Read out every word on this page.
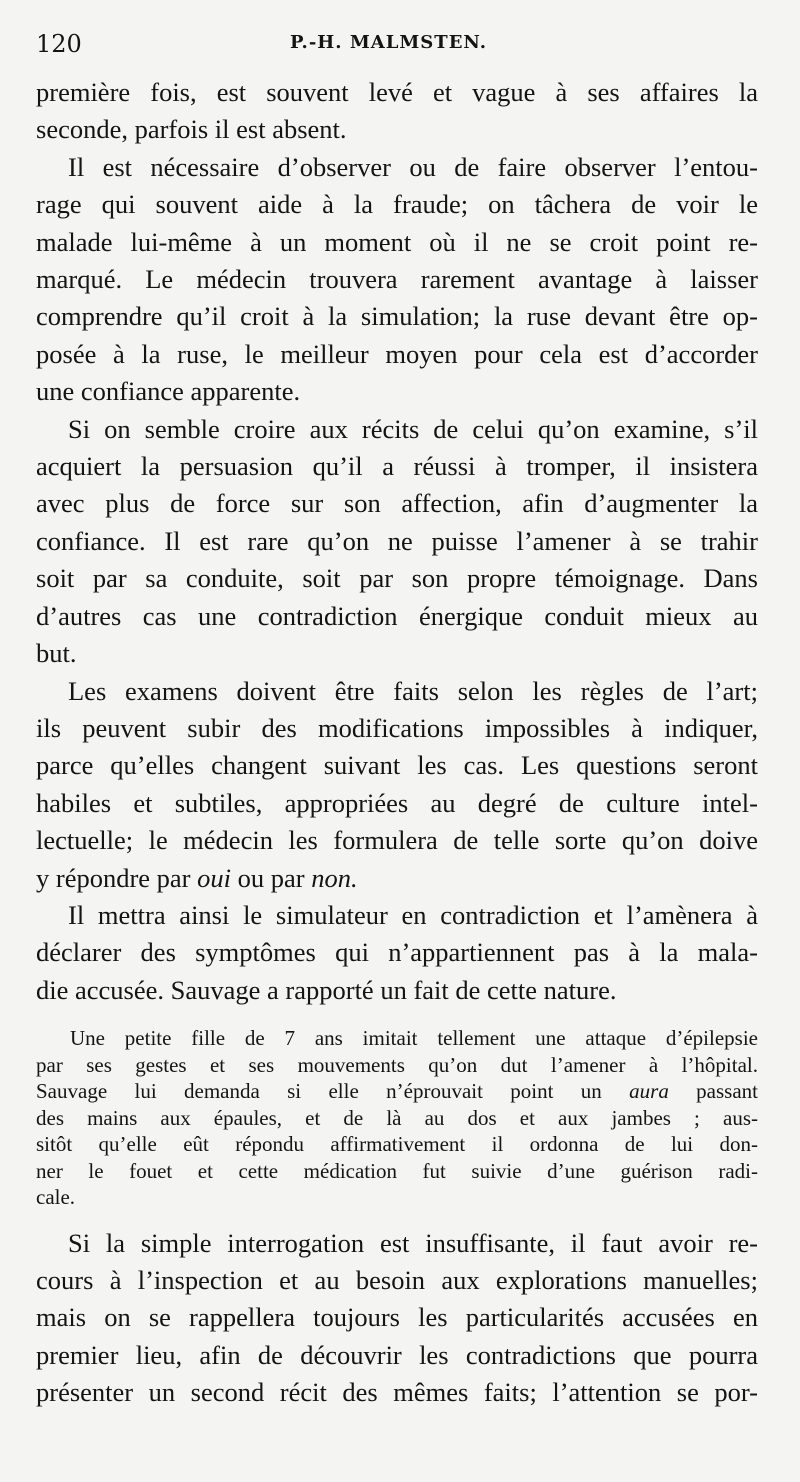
120	P.-H. MALMSTEN.
première fois, est souvent levé et vague à ses affaires la
seconde, parfois il est absent.
Il est nécessaire d’observer ou de faire observer l’entou-
rage qui souvent aide à la fraude; on tâchera de voir le
malade lui-même à un moment où il ne se croit point re-
marqué. Le médecin trouvera rarement avantage à laisser
comprendre qu’il croit à la simulation; la ruse devant être op-
posée à la ruse, le meilleur moyen pour cela est d’accorder
une confiance apparente.
Si on semble croire aux récits de celui qu’on examine, s’il
acquiert la persuasion qu’il a réussi à tromper, il insistera
avec plus de force sur son affection, afin d’augmenter la
confiance. Il est rare qu’on ne puisse l’amener à se trahir
soit par sa conduite, soit par son propre témoignage. Dans
d’autres cas une contradiction énergique conduit mieux au
but.
Les examens doivent être faits selon les règles de l’art;
ils peuvent subir des modifications impossibles à indiquer,
parce qu’elles changent suivant les cas. Les questions seront
habiles et subtiles, appropriées au degré de culture intel-
lectuelle; le médecin les formulera de telle sorte qu’on doive
y répondre par oui ou par non.
Il mettra ainsi le simulateur en contradiction et l’amènera à
déclarer des symptômes qui n’appartiennent pas à la mala-
die accusée. Sauvage a rapporté un fait de cette nature.
Une petite fille de 7 ans imitait tellement une attaque d’épilepsie
par ses gestes et ses mouvements qu’on dut l’amener à l’hôpital.
Sauvage lui demanda si elle n’éprouvait point un aura passant
des mains aux épaules, et de là au dos et aux jambes ; aus-
sitôt qu’elle eût répondu affirmativement il ordonna de lui don-
ner le fouet et cette médication fut suivie d’une guérison radi-
cale.
Si la simple interrogation est insuffisante, il faut avoir re-
cours à l’inspection et au besoin aux explorations manuelles;
mais on se rappellera toujours les particularités accusées en
premier lieu, afin de découvrir les contradictions que pourra
présenter un second récit des mêmes faits; l’attention se por-
